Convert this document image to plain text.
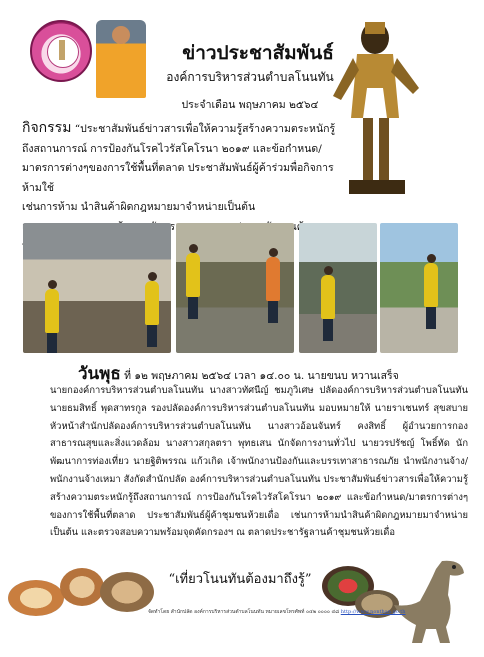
ข่าวประชาสัมพันธ์
องค์การบริหารส่วนตำบลโนนทัน
ประจำเดือน พฤษภาคม ๒๕๖๔
กิจกรรม “ประชาสัมพันธ์ข่าวสารเพื่อให้ความรู้สร้างความตระหนักรู้
ถึงสถานการณ์ การป้องกันโรคไวรัสโคโรนา ๒๐๑๙ และข้อกำหนด/
มาตรการต่างๆของการใช้พื้นที่ตลาด ประชาสัมพันธ์ผู้ค้าร่วมพื่อกิจการห้ามใช้
เช่นการห้าม นำสินค้าผิดกฎหมายมาจำหน่ายเป็นต้น
วันพุธ ที่ ๑๒ พฤษภาคม ๒๕๖๔ เวลา ๑๔.๐๐ น. นายขนบ หวานเสร็จ
นายกองค์การบริหารส่วนตำบลโนนทัน นางสาวทัศนีญ์ ชมภูวิเศษ ปลัดองค์การบริหารส่วนตำบลโนนทัน นายธมสิทธิ์ พุดสาทรกูล รองปลัดองค์การบริหารส่วนตำบลโนนทัน มอบหมายให้ นายราเชนทร์ สุขสบาย หัวหน้าสำนักปลัดองค์การบริหารส่วนตำบลโนนทัน นางสาวอ้อนจันทร์ คงสิทธิ์ ผู้อำนวยการกองสาธารณสุขและสิ่งแวดล้อม นางสาวสกุลตรา พุทธเสน นักจัดการงานทั่วไป นายวรปรัชญ์ โพธิ์ทัด นักพัฒนาการท่องเที่ยว นายฐิติพรรณ แก้วเกิด เจ้าพนักงานป้องกันและบรรเทาสาธารณภัย นำพนักงานจ้าง/พนักงานจ้างเหมา สังกัดสำนักปลัด องค์การบริหารส่วนตำบลโนนทัน ประชาสัมพันธ์ข่าวสารเพื่อให้ความรู้สร้างความตระหนักรู้ถึงสถานการณ์ การป้องกันโรคไวรัสโคโรนา ๒๐๑๙ และข้อกำหนด/มาตรการต่างๆของการใช้พื้นที่ตลาด ประชาสัมพันธ์ผู้ค้าชุมชนห้วยเดื่อ เช่นการห้ามนำสินค้าผิดกฎหมายมาจำหน่ายเป็นต้น และตรวจสอบความพร้อมจุดคัดกรองฯ ณ ตลาดประชารัฐลานค้าชุมชนห้วยเดื่อ
“เที่ยวโนนทันต้องมาถึงรู้”
จัดทำโดย สำนักปลัด องค์การบริหารส่วนตำบลโนนทัน หมายเลขโทรศัพท์ ๐๔๒ ๐๐๐๐ ๔๘ http://www.nonthan.go.th
